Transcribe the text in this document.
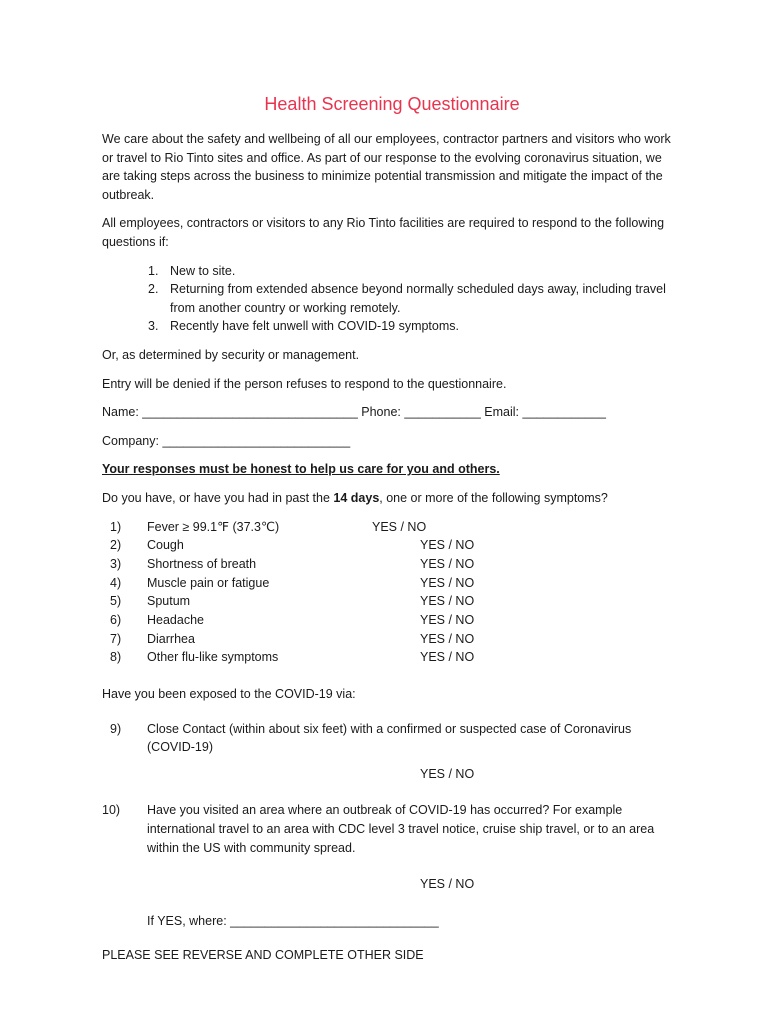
Health Screening Questionnaire

We care about the safety and wellbeing of all our employees, contractor partners and visitors who work or travel to Rio Tinto sites and office. As part of our response to the evolving coronavirus situation, we are taking steps across the business to minimize potential transmission and mitigate the impact of the outbreak.

All employees, contractors or visitors to any Rio Tinto facilities are required to respond to the following questions if:

1. New to site.
2. Returning from extended absence beyond normally scheduled days away, including travel from another country or working remotely.
3. Recently have felt unwell with COVID-19 symptoms.

Or, as determined by security or management.

Entry will be denied if the person refuses to respond to the questionnaire.

Name: _______________________________ Phone: ___________ Email: ____________

Company: ___________________________

Your responses must be honest to help us care for you and others.

Do you have, or have you had in past the 14 days, one or more of the following symptoms?

1) Fever ≥ 99.1℉ (37.3℃)	YES / NO
2) Cough	YES / NO
3) Shortness of breath	YES / NO
4) Muscle pain or fatigue	YES / NO
5) Sputum	YES / NO
6) Headache	YES / NO
7) Diarrhea	YES / NO
8) Other flu-like symptoms	YES / NO

Have you been exposed to the COVID-19 via:

9) Close Contact (within about six feet) with a confirmed or suspected case of Coronavirus (COVID-19)
YES / NO
10) Have you visited an area where an outbreak of COVID-19 has occurred? For example international travel to an area with CDC level 3 travel notice, cruise ship travel, or to an area within the US with community spread.
YES / NO
If YES, where: ______________________________
PLEASE SEE REVERSE AND COMPLETE OTHER SIDE
